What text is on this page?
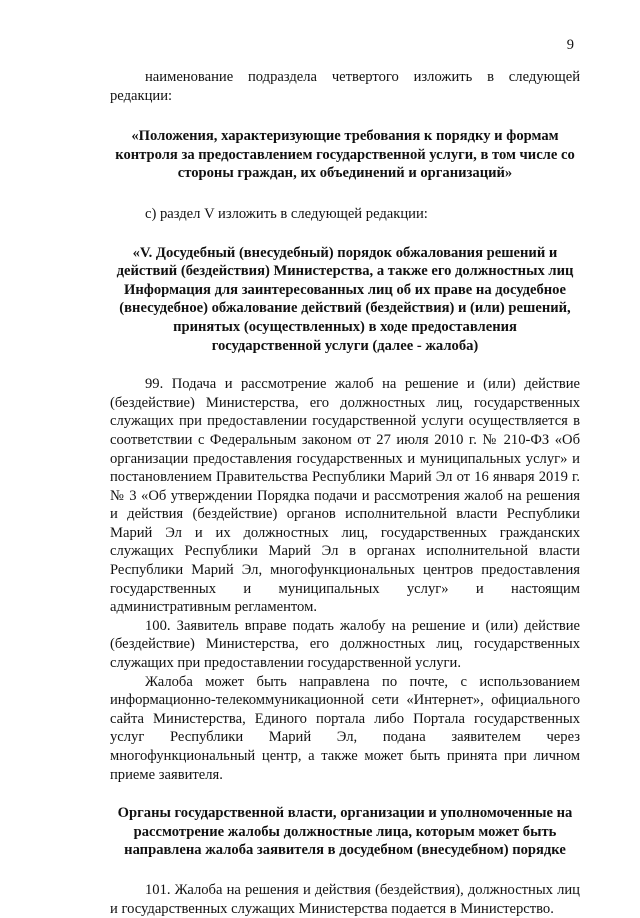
9

наименование подраздела четвертого изложить в следующей редакции:

«Положения, характеризующие требования к порядку и формам контроля за предоставлением государственной услуги, в том числе со стороны граждан, их объединений и организаций»

с) раздел V изложить в следующей редакции:

«V. Досудебный (внесудебный) порядок обжалования решений и
действий (бездействия) Министерства, а также его должностных лиц
Информация для заинтересованных лиц об их праве на досудебное
(внесудебное) обжалование действий (бездействия) и (или) решений,
принятых (осуществленных) в ходе предоставления
государственной услуги (далее - жалоба)

99. Подача и рассмотрение жалоб на решение и (или) действие (бездействие) Министерства, его должностных лиц, государственных служащих при предоставлении государственной услуги осуществляется в соответствии с Федеральным законом от 27 июля 2010 г. № 210-ФЗ «Об организации предоставления государственных и муниципальных услуг» и постановлением Правительства Республики Марий Эл от 16 января 2019 г. № 3 «Об утверждении Порядка подачи и рассмотрения жалоб на решения и действия (бездействие) органов исполнительной власти Республики Марий Эл и их должностных лиц, государственных гражданских служащих Республики Марий Эл в органах исполнительной власти Республики Марий Эл, многофункциональных центров предоставления государственных и муниципальных услуг» и настоящим административным регламентом.

100. Заявитель вправе подать жалобу на решение и (или) действие (бездействие) Министерства, его должностных лиц, государственных служащих при предоставлении государственной услуги.

Жалоба может быть направлена по почте, с использованием информационно-телекоммуникационной сети «Интернет», официального сайта Министерства, Единого портала либо Портала государственных услуг Республики Марий Эл, подана заявителем через многофункциональный центр, а также может быть принята при личном приеме заявителя.

Органы государственной власти, организации и уполномоченные на рассмотрение жалобы должностные лица, которым может быть направлена жалоба заявителя в досудебном (внесудебном) порядке

101. Жалоба на решения и действия (бездействия), должностных лиц и государственных служащих Министерства подается в Министерство.
